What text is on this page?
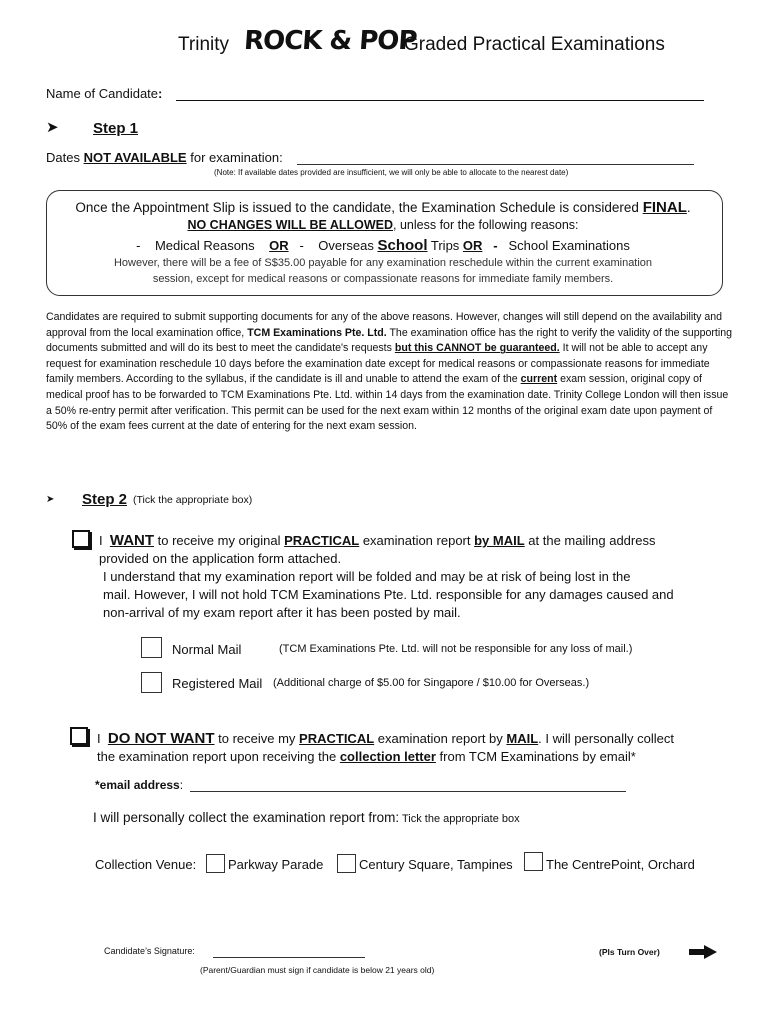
Trinity ROCK & POP
Graded Practical Examinations
Name of Candidate:
➤ Step 1
Dates NOT AVAILABLE for examination:
(Note: If available dates provided are insufficient, we will only be able to allocate to the nearest date)
Once the Appointment Slip is issued to the candidate, the Examination Schedule is considered FINAL.
NO CHANGES WILL BE ALLOWED, unless for the following reasons:
- Medical Reasons OR - Overseas School Trips OR - School Examinations
However, there will be a fee of S$35.00 payable for any examination reschedule within the current examination
session, except for medical reasons or compassionate reasons for immediate family members.
Candidates are required to submit supporting documents for any of the above reasons. However, changes will still depend on the availability and approval from the local examination office, TCM Examinations Pte. Ltd. The examination office has the right to verify the validity of the supporting documents submitted and will do its best to meet the candidate's requests but this CANNOT be guaranteed. It will not be able to accept any request for examination reschedule 10 days before the examination date except for medical reasons or compassionate reasons for immediate family members. According to the syllabus, if the candidate is ill and unable to attend the exam of the current exam session, original copy of medical proof has to be forwarded to TCM Examinations Pte. Ltd. within 14 days from the examination date. Trinity College London will then issue a 50% re-entry permit after verification. This permit can be used for the next exam within 12 months of the original exam date upon payment of 50% of the exam fees current at the date of entering for the next exam session.
➤ Step 2 (Tick the appropriate box)
I WANT to receive my original PRACTICAL examination report by MAIL at the mailing address
provided on the application form attached.
I understand that my examination report will be folded and may be at risk of being lost in the
mail. However, I will not hold TCM Examinations Pte. Ltd. responsible for any damages caused and
non-arrival of my exam report after it has been posted by mail.
Normal Mail	(TCM Examinations Pte. Ltd. will not be responsible for any loss of mail.)
Registered Mail (Additional charge of $5.00 for Singapore / $10.00 for Overseas.)
I DO NOT WANT to receive my PRACTICAL examination report by MAIL. I will personally collect
the examination report upon receiving the collection letter from TCM Examinations by email*
*email address:
I will personally collect the examination report from: Tick the appropriate box
Collection Venue: Parkway Parade	Century Square, Tampines	The CentrePoint, Orchard
Candidate’s Signature:	(Pls Turn Over)
(Parent/Guardian must sign if candidate is below 21 years old)
